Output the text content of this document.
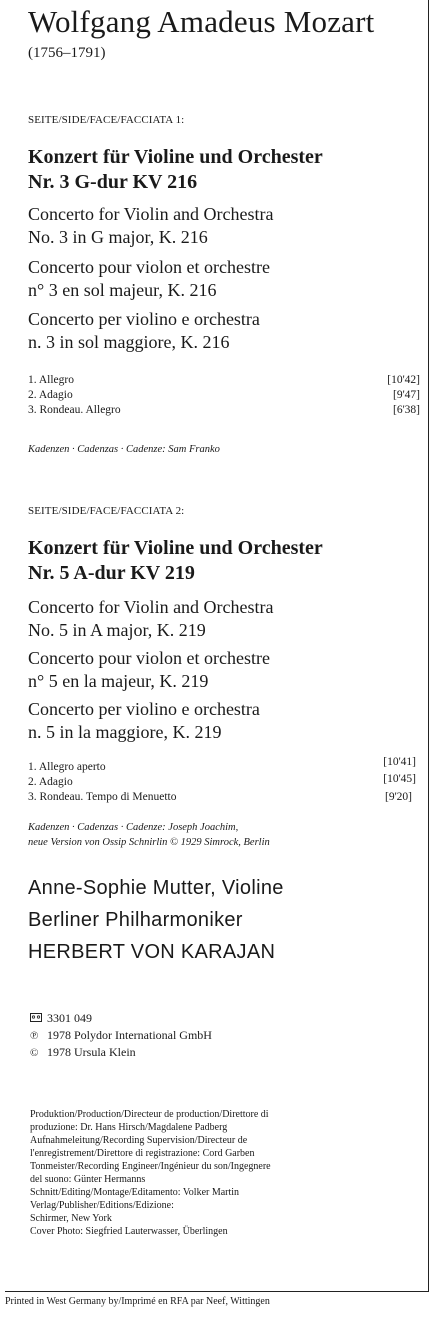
Wolfgang Amadeus Mozart
(1756–1791)
SEITE/SIDE/FACE/FACCIATA 1:
Konzert für Violine und Orchester
Nr. 3 G-dur KV 216
Concerto for Violin and Orchestra
No. 3 in G major, K. 216
Concerto pour violon et orchestre
n° 3 en sol majeur, K. 216
Concerto per violino e orchestra
n. 3 in sol maggiore, K. 216
1. Allegro	[10'42]
2. Adagio	[9'47]
3. Rondeau. Allegro	[6'38]
Kadenzen · Cadenzas · Cadenze: Sam Franko
SEITE/SIDE/FACE/FACCIATA 2:
Konzert für Violine und Orchester
Nr. 5 A-dur KV 219
Concerto for Violin and Orchestra
No. 5 in A major, K. 219
Concerto pour violon et orchestre
n° 5 en la majeur, K. 219
Concerto per violino e orchestra
n. 5 in la maggiore, K. 219
1. Allegro aperto	[10'41]
2. Adagio	[10'45]
3. Rondeau. Tempo di Menuetto	[9'20]
Kadenzen · Cadenzas · Cadenze: Joseph Joachim,
neue Version von Ossip Schnirlin © 1929 Simrock, Berlin
Anne-Sophie Mutter, Violine
Berliner Philharmoniker
HERBERT VON KARAJAN
3301 049
℗ 1978 Polydor International GmbH
© 1978 Ursula Klein
Produktion/Production/Directeur de production/Direttore di
produzione: Dr. Hans Hirsch/Magdalene Padberg
Aufnahmeleitung/Recording Supervision/Directeur de
l'enregistrement/Direttore di registrazione: Cord Garben
Tonmeister/Recording Engineer/Ingénieur du son/Ingegnere
del suono: Günter Hermanns
Schnitt/Editing/Montage/Editamento: Volker Martin
Verlag/Publisher/Editions/Edizione:
Schirmer, New York
Cover Photo: Siegfried Lauterwasser, Überlingen
Printed in West Germany by/Imprimé en RFA par Neef, Wittingen
